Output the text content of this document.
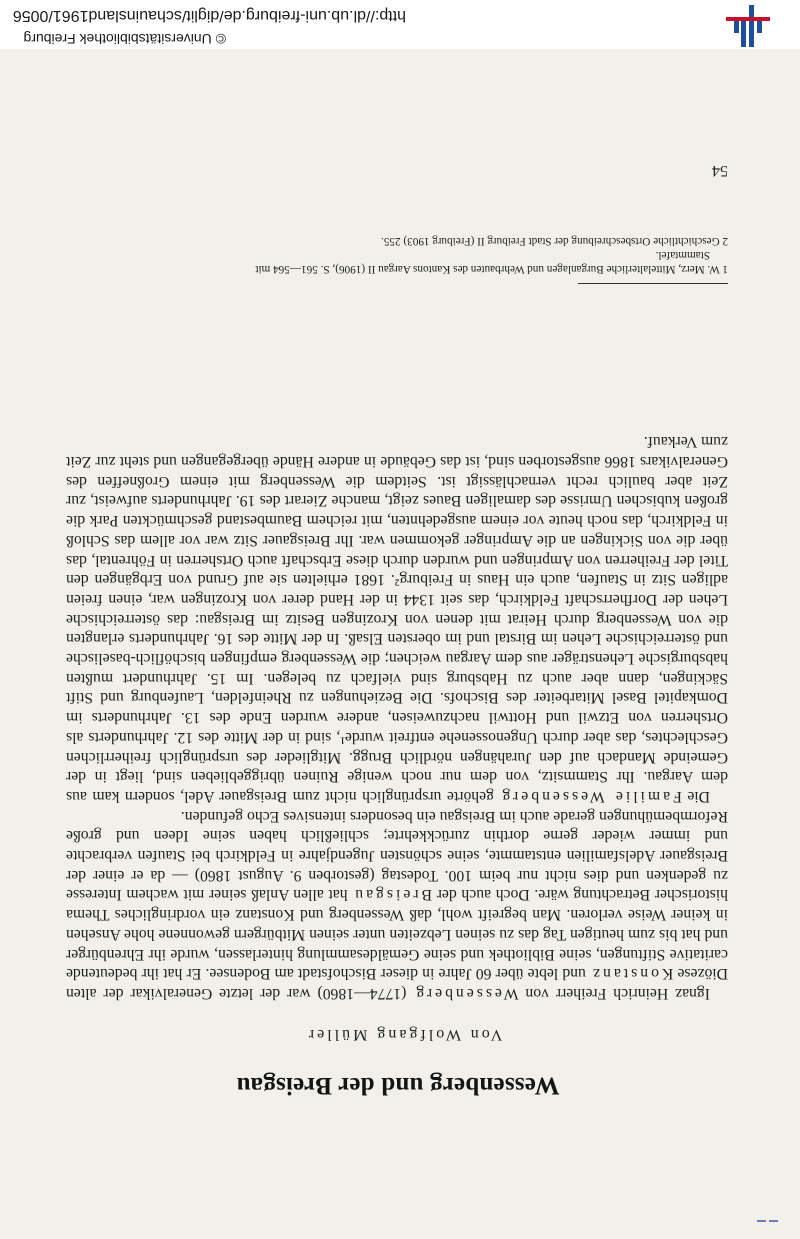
Wessenberg und der Breisgau
Von Wolfgang Müller

Ignaz Heinrich Freiherr von Wessenberg (1774—1860) war der letzte Generalvikar der alten Diözese Konstanz und lebte über 60 Jahre in dieser Bischofstadt am Bodensee. Er hat ihr bedeutende caritative Stiftungen, seine Bibliothek und seine Gemäldesammlung hinterlassen, wurde ihr Ehrenbürger und hat bis zum heutigen Tag das zu seinen Lebzeiten unter seinen Mitbürgern gewonnene hohe Ansehen in keiner Weise verloren. Man begreift wohl, daß Wessenberg und Konstanz ein vordringliches Thema historischer Betrachtung wäre. Doch auch der Breisgau hat allen Anlaß seiner mit wachem Interesse zu gedenken und dies nicht nur beim 100. Todestag (gestorben 9. August 1860) — da er einer der Breisgauer Adelsfamilien entstammte, seine schönsten Jugendjahre in Feldkirch bei Staufen verbrachte und immer wieder gerne dorthin zurückkehrte; schließlich haben seine Ideen und große Reformbemühungen gerade auch im Breisgau ein besonders intensives Echo gefunden.

Die Familie Wessenberg gehörte ursprünglich nicht zum Breisgauer Adel, sondern kam aus dem Aargau. Ihr Stammsitz, von dem nur noch wenige Ruinen übriggeblieben sind, liegt in der Gemeinde Mandach auf den Jurahängen nördlich Brugg. Mitglieder des ursprünglich freiherrlichen Geschlechtes, das aber durch Ungenossenehe entfreit wurde¹, sind in der Mitte des 12. Jahrhunderts als Ortsherren von Etzwil und Hottwil nachzuweisen, andere wurden Ende des 13. Jahrhunderts im Domkapitel Basel Mitarbeiter des Bischofs. Die Beziehungen zu Rheinfelden, Laufenburg und Stift Säckingen, dann aber auch zu Habsburg sind vielfach zu belegen. Im 15. Jahrhundert mußten habsburgische Lehensträger aus dem Aargau weichen; die Wessenberg empfingen bischöflich-baselische und österreichische Lehen im Birstal und im obersten Elsaß. In der Mitte des 16. Jahrhunderts erlangten die von Wessenberg durch Heirat mit denen von Krozingen Besitz im Breisgau: das österreichische Lehen der Dorfherrschaft Feldkirch, das seit 1344 in der Hand derer von Krozingen war, einen freien adligen Sitz in Staufen, auch ein Haus in Freiburg². 1681 erhielten sie auf Grund von Erbgängen den Titel der Freiherren von Ampringen und wurden durch diese Erbschaft auch Ortsherren in Föhrental, das über die von Sickingen an die Ampringer gekommen war. Ihr Breisgauer Sitz war vor allem das Schloß in Feldkirch, das noch heute vor einem ausgedehnten, mit reichem Baumbestand geschmückten Park die großen kubischen Umrisse des damaligen Baues zeigt, manche Zierart des 19. Jahrhunderts aufweist, zur Zeit aber baulich recht vernachlässigt ist. Seitdem die Wessenberg mit einem Großneffen des Generalvikars 1866 ausgestorben sind, ist das Gebäude in andere Hände übergegangen und steht zur Zeit zum Verkauf.

1 W. Merz, Mittelalterliche Burganlagen und Wehrbauten des Kantons Aargau II (1906), S. 561—564 mit
Stammtafel.
2 Geschichtliche Ortsbeschreibung der Stadt Freiburg II (Freiburg 1903) 255.
54
http://dl.ub.uni-freiburg.de/diglit/schauinsland1961/0056
© Universitätsbibliothek Freiburg
